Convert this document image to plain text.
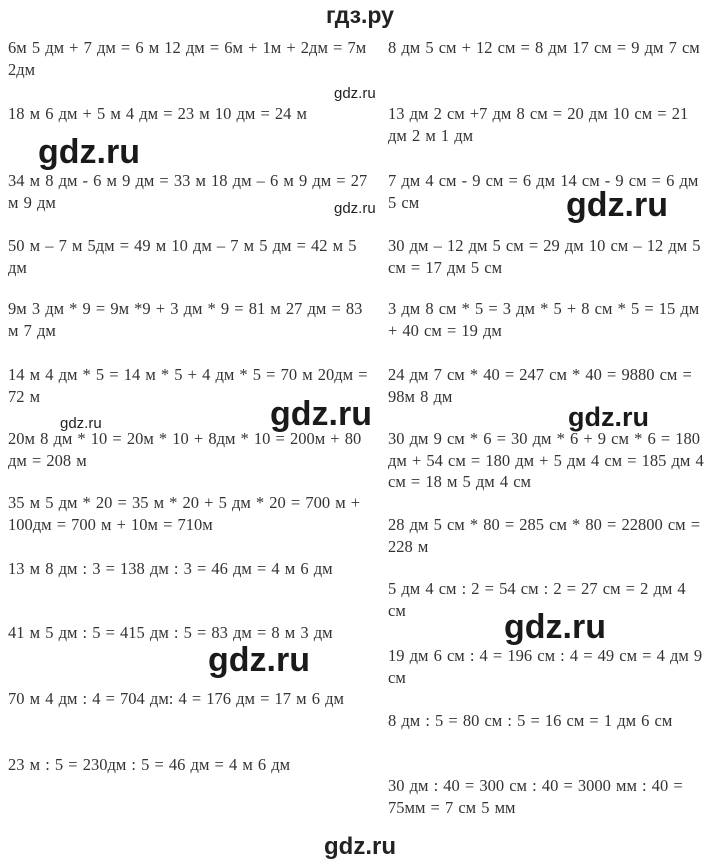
гдз.ру
6м 5 дм + 7 дм = 6 м 12 дм = 6м + 1м + 2дм = 7м 2дм
18 м 6 дм + 5 м 4 дм = 23 м 10 дм = 24 м
34 м 8 дм - 6 м 9 дм = 33 м 18 дм – 6 м 9 дм = 27 м 9 дм
50 м – 7 м 5дм = 49 м 10 дм – 7 м 5 дм = 42 м 5 дм
9м 3 дм * 9 = 9м *9 + 3 дм * 9 = 81 м 27 дм = 83 м 7 дм
14 м 4 дм * 5 = 14 м * 5 + 4 дм * 5 = 70 м 20дм = 72 м
20м 8 дм * 10 = 20м * 10 + 8дм * 10 = 200м + 80 дм = 208 м
35 м 5 дм * 20 = 35 м * 20 + 5 дм * 20 = 700 м + 100дм = 700 м + 10м = 710м
13 м 8 дм : 3 = 138 дм : 3 = 46 дм = 4 м 6 дм
41 м 5 дм : 5 = 415 дм : 5 = 83 дм = 8 м 3 дм
70 м 4 дм : 4 = 704 дм: 4 = 176 дм = 17 м 6 дм
23 м : 5 = 230дм : 5 = 46 дм = 4 м 6 дм
8 дм 5 см + 12 см = 8 дм 17 см = 9 дм 7 см
13 дм 2 см +7 дм 8 см = 20 дм 10 см = 21 дм 2 м 1 дм
7 дм 4 см - 9 см = 6 дм 14 см - 9 см = 6 дм 5 см
30 дм – 12 дм 5 см = 29 дм 10 см – 12 дм 5 см = 17 дм 5 см
3 дм 8 см * 5 = 3 дм * 5 + 8 см * 5 = 15 дм + 40 см = 19 дм
24 дм 7 см * 40 = 247 см * 40 = 9880 см = 98м 8 дм
30 дм 9 см * 6 = 30 дм * 6 + 9 см * 6 = 180 дм + 54 см = 180 дм + 5 дм 4 см = 185 дм 4 см = 18 м 5 дм 4 см
28 дм 5 см * 80 = 285 см * 80 = 22800 см = 228 м
5 дм 4 см : 2 = 54 см : 2 = 27 см = 2 дм 4 см
19 дм 6 см : 4 = 196 см : 4 = 49 см = 4 дм 9 см
8 дм : 5 = 80 см : 5 = 16 см = 1 дм 6 см
30 дм : 40 = 300 см : 40 = 3000 мм : 40 = 75мм = 7 см 5 мм
gdz.ru
gdz.ru
gdz.ru	gdz.ru
gdz.ru	gdz.ru
gdz.ru
gdz.ru
gdz.ru
gdz.ru
